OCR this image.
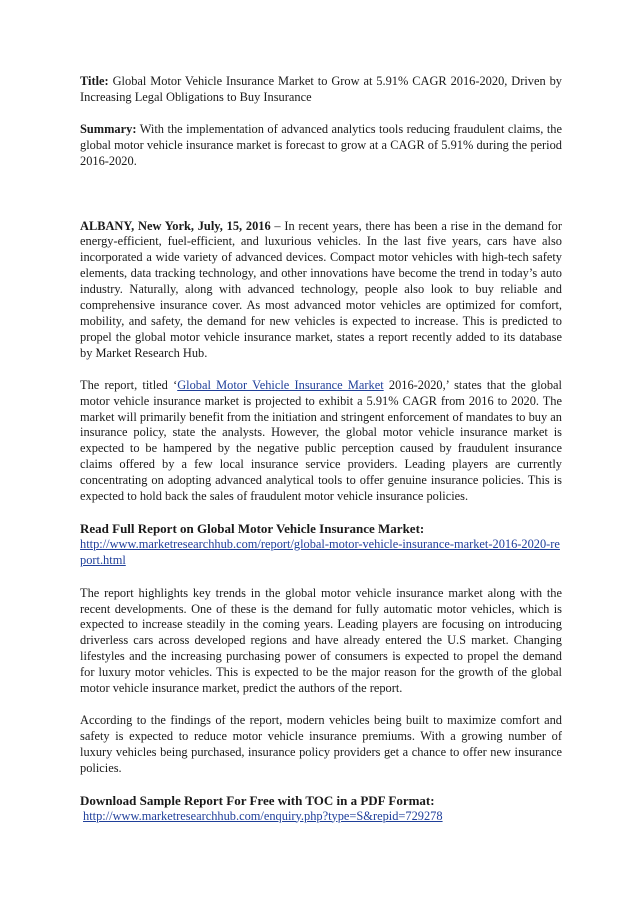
Title: Global Motor Vehicle Insurance Market to Grow at 5.91% CAGR 2016-2020, Driven by Increasing Legal Obligations to Buy Insurance

Summary: With the implementation of advanced analytics tools reducing fraudulent claims, the global motor vehicle insurance market is forecast to grow at a CAGR of 5.91% during the period 2016-2020.

ALBANY, New York, July, 15, 2016 – In recent years, there has been a rise in the demand for energy-efficient, fuel-efficient, and luxurious vehicles. In the last five years, cars have also incorporated a wide variety of advanced devices. Compact motor vehicles with high-tech safety elements, data tracking technology, and other innovations have become the trend in today’s auto industry. Naturally, along with advanced technology, people also look to buy reliable and comprehensive insurance cover. As most advanced motor vehicles are optimized for comfort, mobility, and safety, the demand for new vehicles is expected to increase. This is predicted to propel the global motor vehicle insurance market, states a report recently added to its database by Market Research Hub.

The report, titled ‘Global Motor Vehicle Insurance Market 2016-2020,’ states that the global motor vehicle insurance market is projected to exhibit a 5.91% CAGR from 2016 to 2020. The market will primarily benefit from the initiation and stringent enforcement of mandates to buy an insurance policy, state the analysts. However, the global motor vehicle insurance market is expected to be hampered by the negative public perception caused by fraudulent insurance claims offered by a few local insurance service providers. Leading players are currently concentrating on adopting advanced analytical tools to offer genuine insurance policies. This is expected to hold back the sales of fraudulent motor vehicle insurance policies.

Read Full Report on Global Motor Vehicle Insurance Market:
http://www.marketresearchhub.com/report/global-motor-vehicle-insurance-market-2016-2020-report.html

The report highlights key trends in the global motor vehicle insurance market along with the recent developments. One of these is the demand for fully automatic motor vehicles, which is expected to increase steadily in the coming years. Leading players are focusing on introducing driverless cars across developed regions and have already entered the U.S market. Changing lifestyles and the increasing purchasing power of consumers is expected to propel the demand for luxury motor vehicles. This is expected to be the major reason for the growth of the global motor vehicle insurance market, predict the authors of the report.

According to the findings of the report, modern vehicles being built to maximize comfort and safety is expected to reduce motor vehicle insurance premiums. With a growing number of luxury vehicles being purchased, insurance policy providers get a chance to offer new insurance policies.

Download Sample Report For Free with TOC in a PDF Format:
http://www.marketresearchhub.com/enquiry.php?type=S&repid=729278
